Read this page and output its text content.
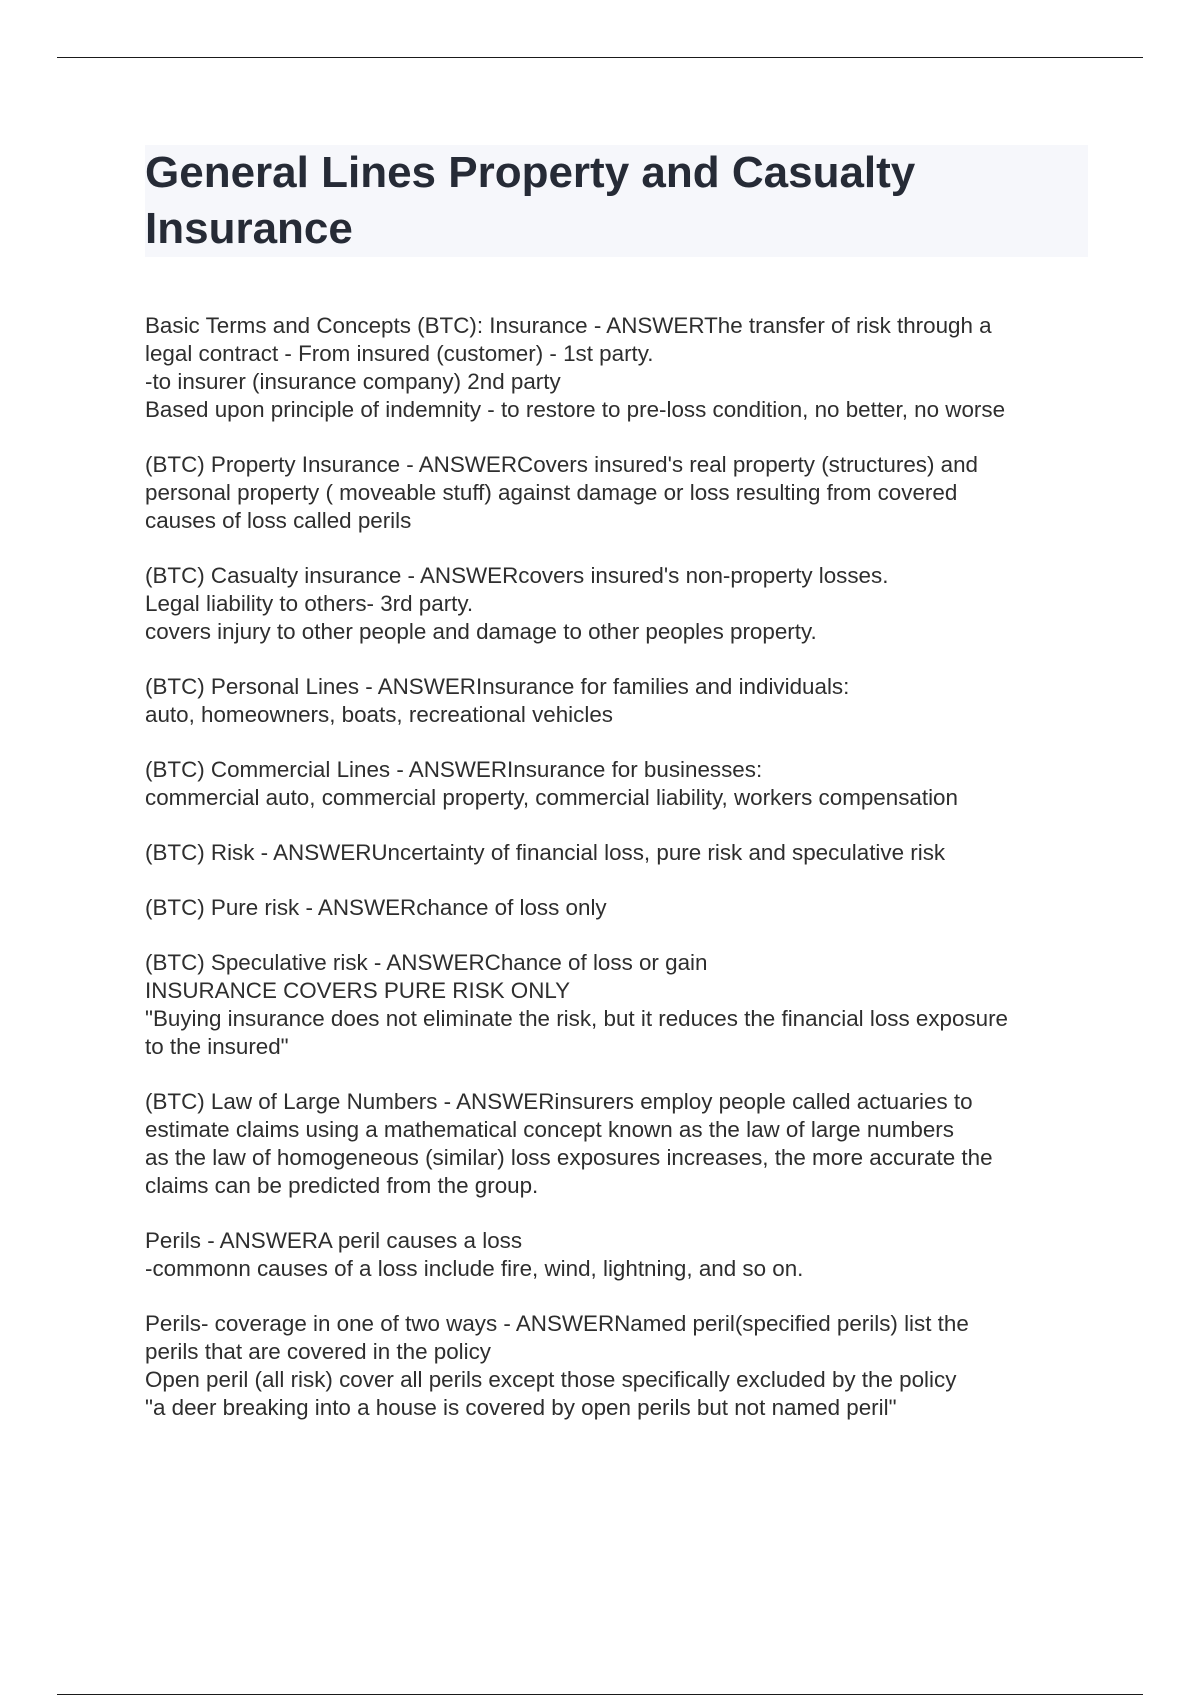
General Lines Property and Casualty
Insurance

Basic Terms and Concepts (BTC): Insurance - ANSWERThe transfer of risk through a
legal contract - From insured (customer) - 1st party.
-to insurer (insurance company) 2nd party
Based upon principle of indemnity - to restore to pre-loss condition, no better, no worse

(BTC) Property Insurance - ANSWERCovers insured's real property (structures) and
personal property ( moveable stuff) against damage or loss resulting from covered
causes of loss called perils

(BTC) Casualty insurance - ANSWERcovers insured's non-property losses.
Legal liability to others- 3rd party.
covers injury to other people and damage to other peoples property.

(BTC) Personal Lines - ANSWERInsurance for families and individuals:
auto, homeowners, boats, recreational vehicles

(BTC) Commercial Lines - ANSWERInsurance for businesses:
commercial auto, commercial property, commercial liability, workers compensation

(BTC) Risk - ANSWERUncertainty of financial loss, pure risk and speculative risk

(BTC) Pure risk - ANSWERchance of loss only

(BTC) Speculative risk - ANSWERChance of loss or gain
INSURANCE COVERS PURE RISK ONLY
"Buying insurance does not eliminate the risk, but it reduces the financial loss exposure
to the insured"

(BTC) Law of Large Numbers - ANSWERinsurers employ people called actuaries to
estimate claims using a mathematical concept known as the law of large numbers
as the law of homogeneous (similar) loss exposures increases, the more accurate the
claims can be predicted from the group.

Perils - ANSWERA peril causes a loss
-commonn causes of a loss include fire, wind, lightning, and so on.

Perils- coverage in one of two ways - ANSWERNamed peril(specified perils) list the
perils that are covered in the policy
Open peril (all risk) cover all perils except those specifically excluded by the policy
"a deer breaking into a house is covered by open perils but not named peril"
